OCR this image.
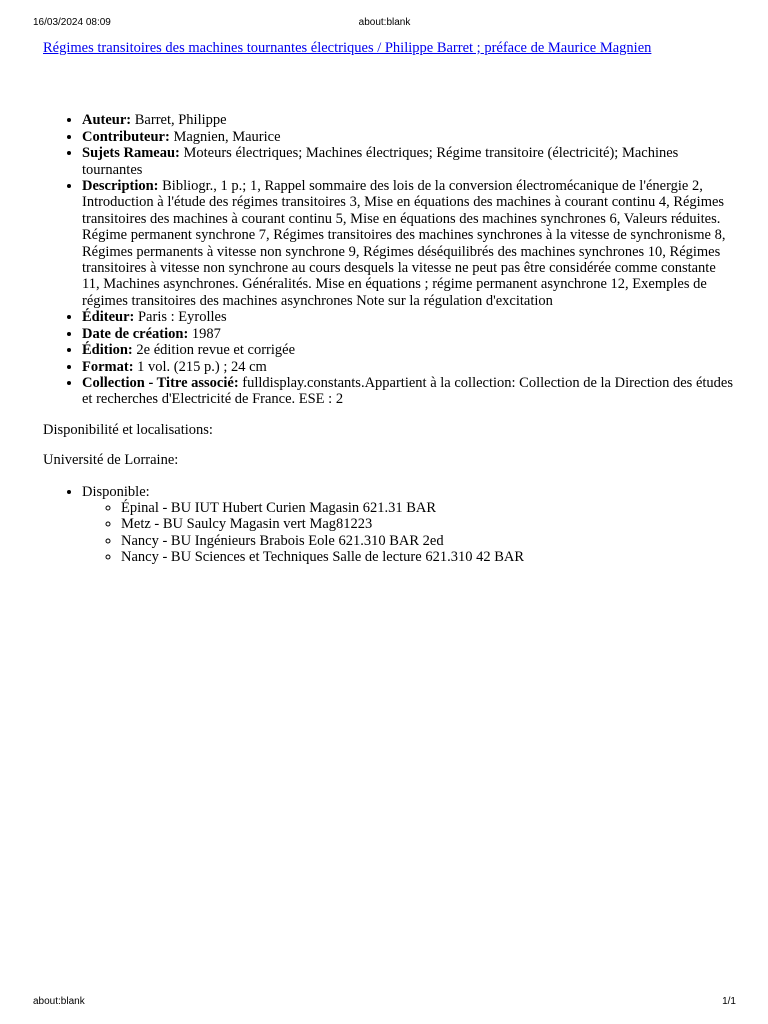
16/03/2024 08:09	about:blank
Régimes transitoires des machines tournantes électriques / Philippe Barret ; préface de Maurice Magnien
• Auteur: Barret, Philippe
• Contributeur: Magnien, Maurice
• Sujets Rameau: Moteurs électriques; Machines électriques; Régime transitoire (électricité); Machines tournantes
• Description: Bibliogr., 1 p.; 1, Rappel sommaire des lois de la conversion électromécanique de l'énergie 2, Introduction à l'étude des régimes transitoires 3, Mise en équations des machines à courant continu 4, Régimes transitoires des machines à courant continu 5, Mise en équations des machines synchrones 6, Valeurs réduites. Régime permanent synchrone 7, Régimes transitoires des machines synchrones à la vitesse de synchronisme 8, Régimes permanents à vitesse non synchrone 9, Régimes déséquilibrés des machines synchrones 10, Régimes transitoires à vitesse non synchrone au cours desquels la vitesse ne peut pas être considérée comme constante 11, Machines asynchrones. Généralités. Mise en équations ; régime permanent asynchrone 12, Exemples de régimes transitoires des machines asynchrones Note sur la régulation d'excitation
• Éditeur: Paris : Eyrolles
• Date de création: 1987
• Édition: 2e édition revue et corrigée
• Format: 1 vol. (215 p.) ; 24 cm
• Collection - Titre associé: fulldisplay.constants.Appartient à la collection: Collection de la Direction des études et recherches d'Electricité de France. ESE : 2

Disponibilité et localisations:

Université de Lorraine:

• Disponible:
◦ Épinal - BU IUT Hubert Curien Magasin 621.31 BAR
◦ Metz - BU Saulcy Magasin vert Mag81223
◦ Nancy - BU Ingénieurs Brabois Eole 621.310 BAR 2ed
◦ Nancy - BU Sciences et Techniques Salle de lecture 621.310 42 BAR
about:blank	1/1
